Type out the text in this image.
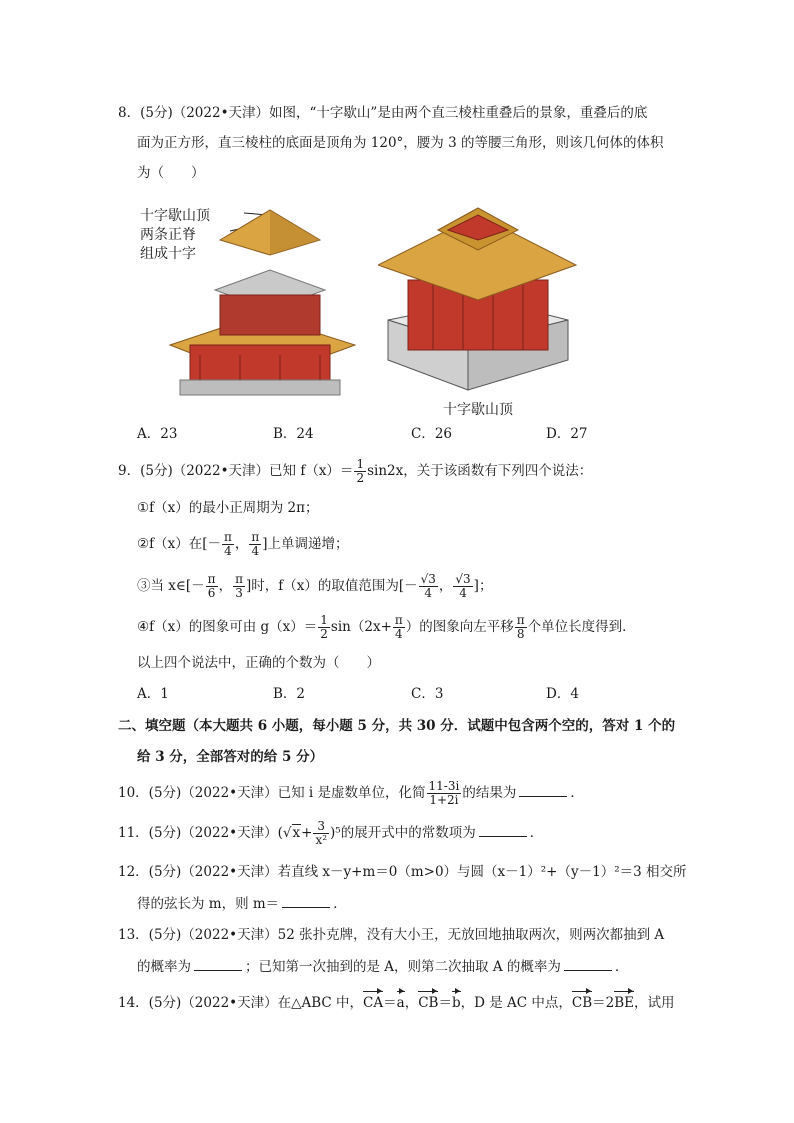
8．(5分)（2022•天津）如图，“十字歇山”是由两个直三棱柱重叠后的景象，重叠后的底
面为正方形，直三棱柱的底面是顶角为 120°，腰为 3 的等腰三角形，则该几何体的体积
为（　　）
十字歇山顶
两条正脊
组成十字
十字歇山顶
A．23	B．24	C．26	D．27
9．(5分)（2022•天津）已知 $f(x)= \frac{1}{2} \sin 2x$，关于该函数有下列四个说法：
①f（x）的最小正周期为 2π；
②f（x）在[－ $\frac{\pi}{4}$ ， $\frac{\pi}{4}$ ]上单调递增；
③当 x∈[－ $\frac{\pi}{6}$ ， $\frac{\pi}{3}$ ]时，f（x）的取值范围为[－ $\frac{√3}{4}$ ， $\frac{√3}{4}$ ]；
④f（x）的图象可由 $g(x)= \frac{1}{2} \sin(2x+ \frac{\pi}{4}$ ）的图象向左平移 $\frac{\pi}{8}$ 个单位长度得到．
以上四个说法中，正确的个数为（　　）
A．1	B．2	C．3	D．4
二、填空题（本大题共 6 小题，每小题 5 分，共 30 分．试题中包含两个空的，答对 1 个的
给 3 分，全部答对的给 5 分）
10．(5分)（2022•天津）已知 i 是虚数单位，化简 $\frac{11-3i}{1+2i}$ 的结果为	．
11．(5分)（2022•天津）$(√x+ \frac{3}{\text{x²}} )^5$的展开式中的常数项为	．
12．(5分)（2022•天津）若直线 x－y+m＝0（m>0）与圆（x－1）²+（y－1）²＝3 相交所
得的弦长为 m，则 m＝	．
13．(5分)（2022•天津）52 张扑克牌，没有大小王，无放回地抽取两次，则两次都抽到 A
的概率为	；已知第一次抽到的是 A，则第二次抽取 A 的概率为	．
14．(5分)（2022•天津）在△ABC 中，CA＝a，CB＝b，D 是 AC 中点，CB＝2BE，试用
